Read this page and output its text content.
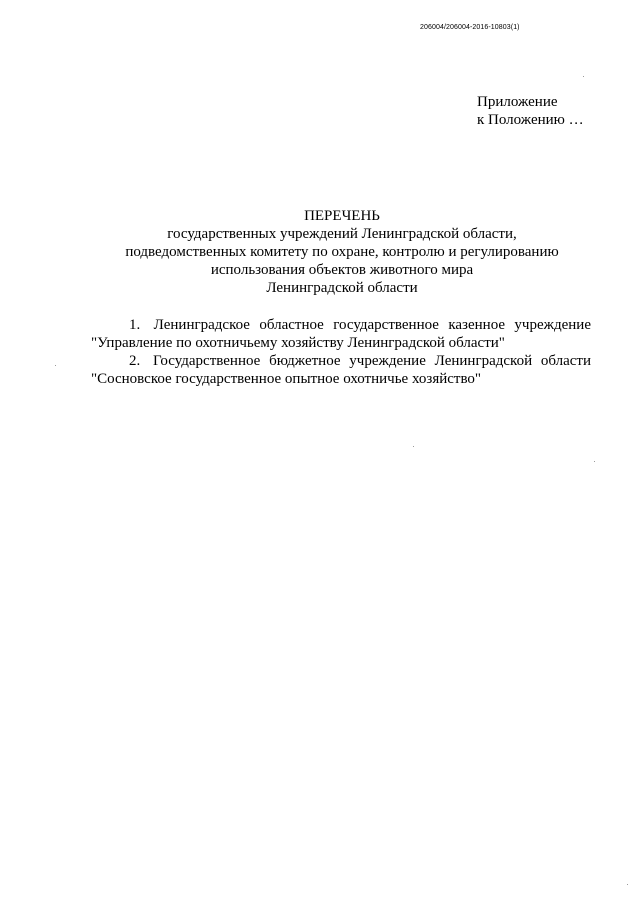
206004/206004-2016-10803(1)
Приложение
к Положению …
ПЕРЕЧЕНЬ
государственных учреждений Ленинградской области,
подведомственных комитету по охране, контролю и регулированию
использования объектов животного мира
Ленинградской области
1. Ленинградское областное государственное казенное учреждение
"Управление по охотничьему хозяйству Ленинградской области"
2. Государственное бюджетное учреждение Ленинградской области
"Сосновское государственное опытное охотничье хозяйство"
